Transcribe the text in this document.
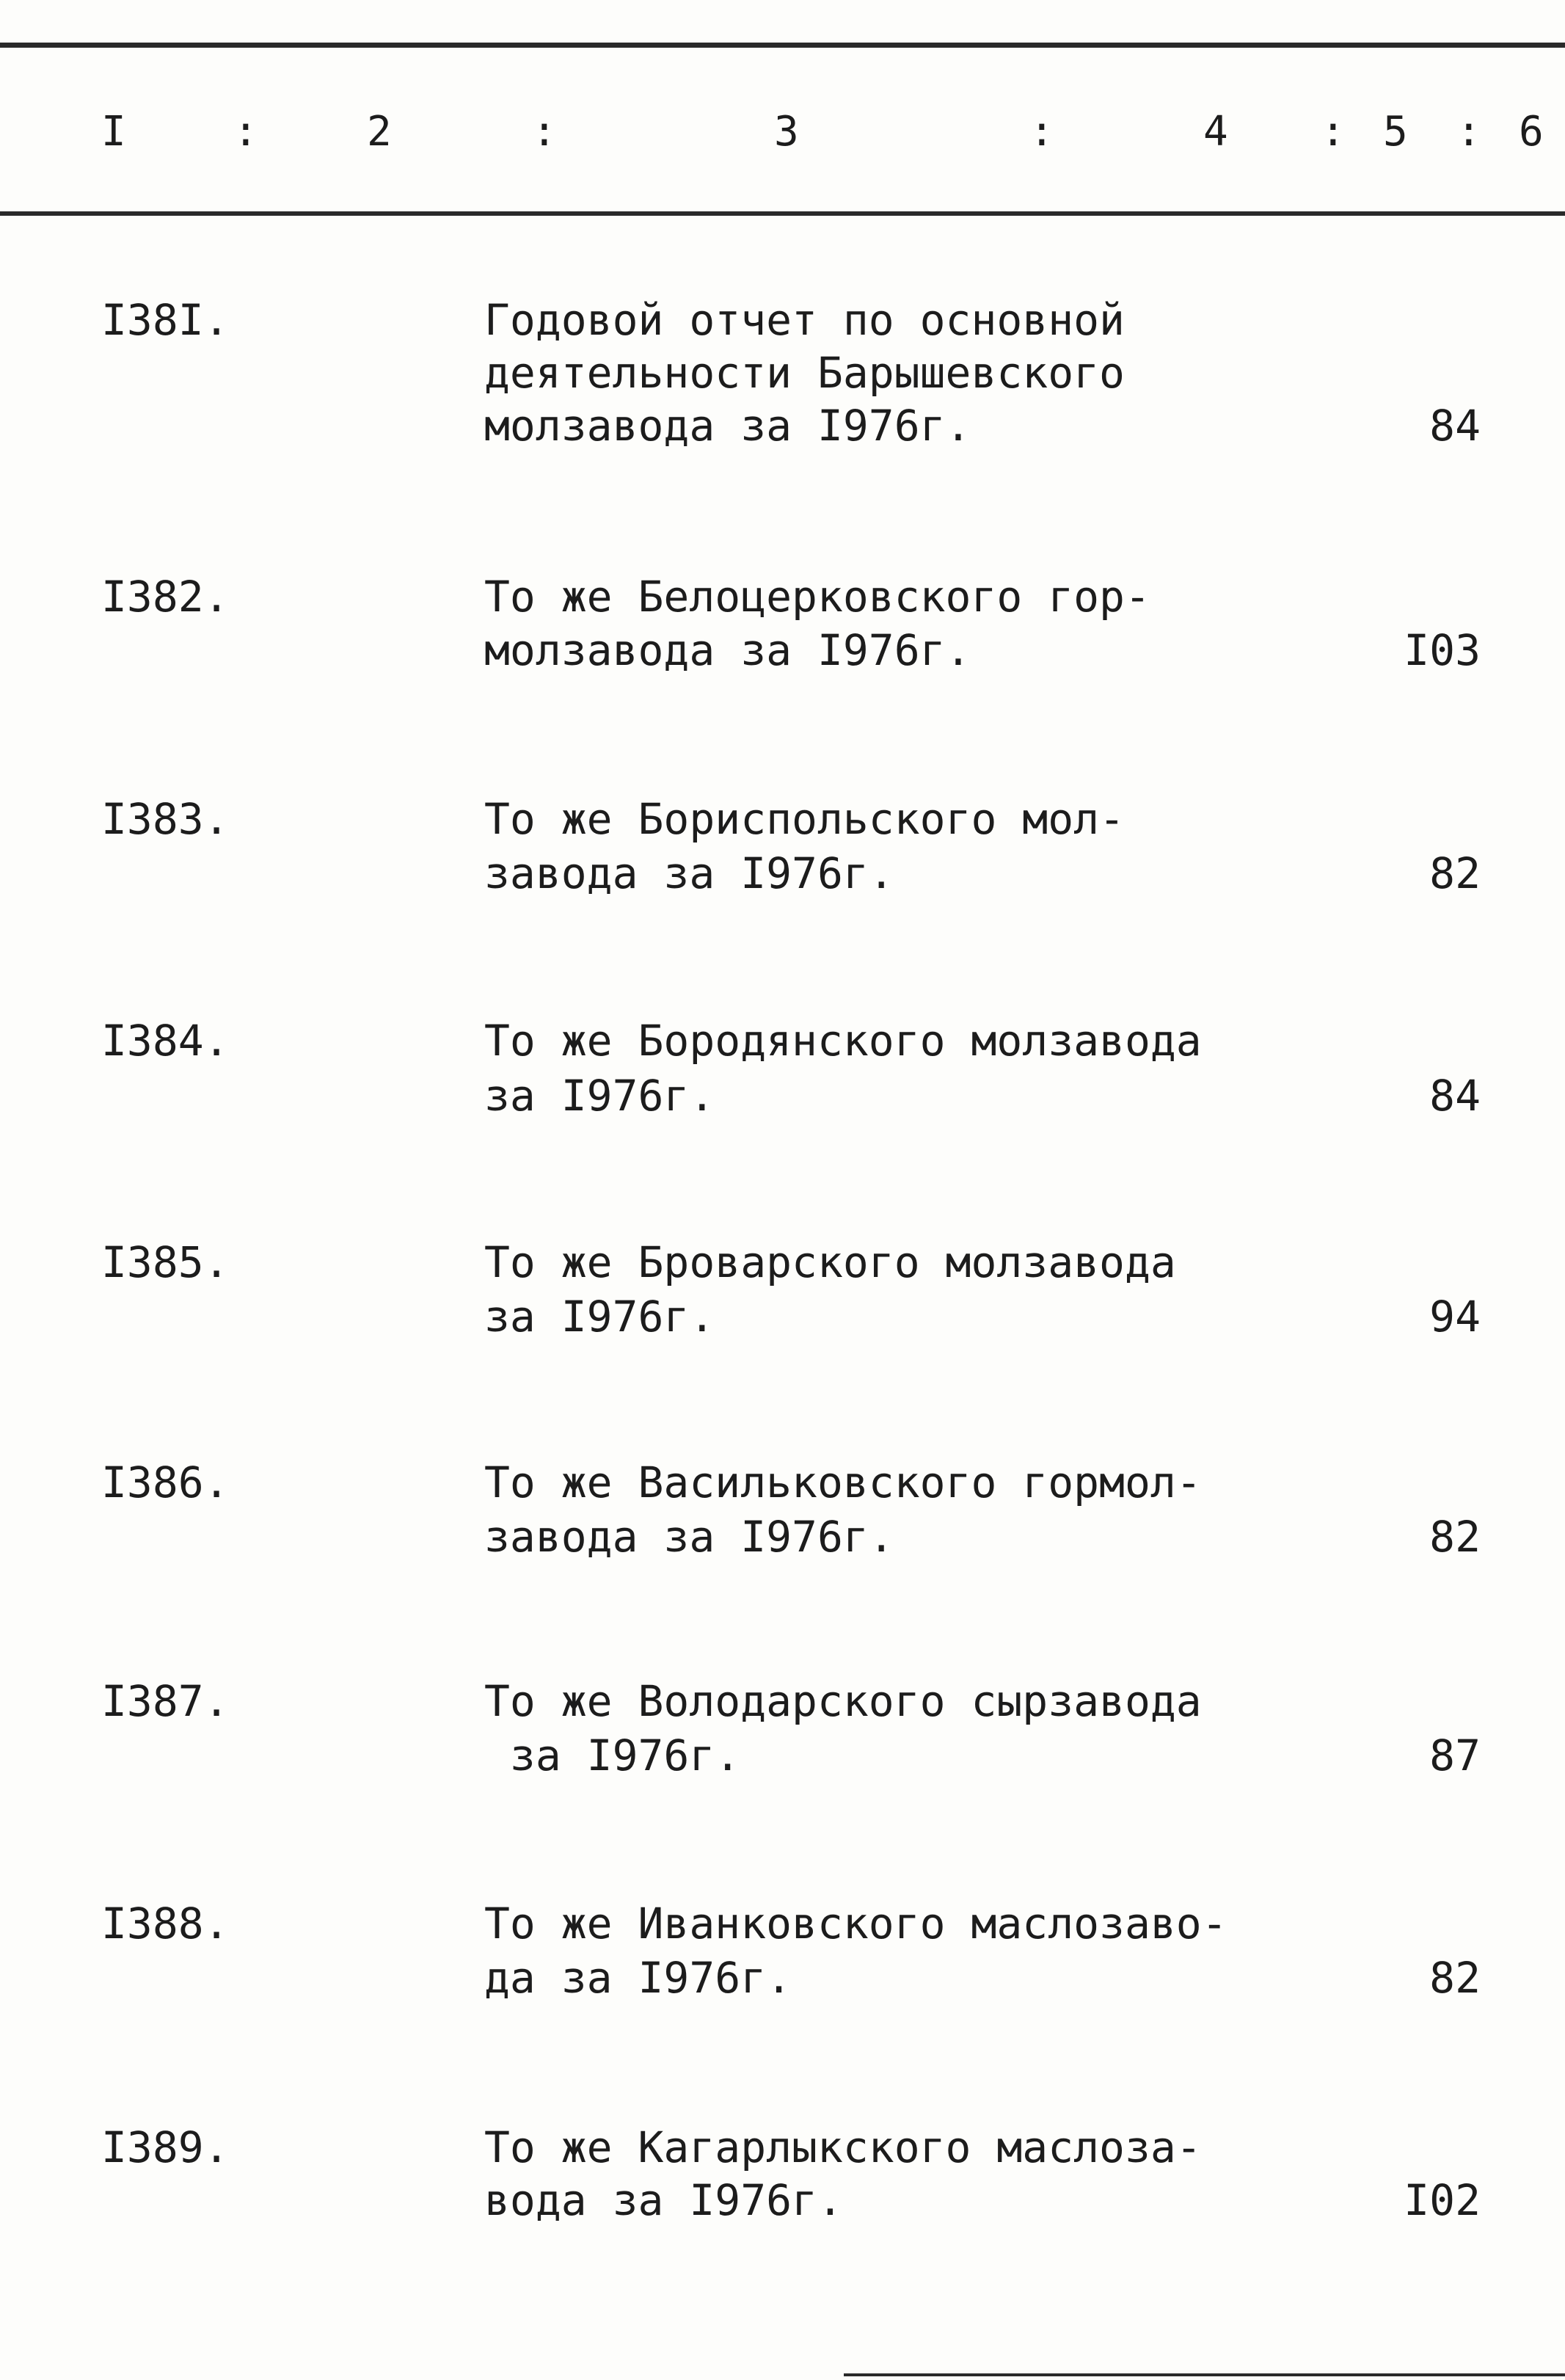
I	:	2	:	3	:	4 : 5 : 6
I38I.	Годовой отчет по основной
деятельности Барышевского
молзавода за I976г.	84
I382.	То же Белоцерковского гор-
молзавода за I976г.	I03
I383.	То же Бориспольского мол-
завода за I976г.	82
I384.	То же Бородянского молзавода
за I976г.	84
I385.	То же Броварского молзавода
за I976г.	94
I386.	То же Васильковского гормол-
завода за I976г.	82
I387.	То же Володарского сырзавода
за I976г.	87
I388.	То же Иванковского маслозаво-
да за I976г.	82
I389.	То же Кагарлыкского маслоза-
вода за I976г.	I02
